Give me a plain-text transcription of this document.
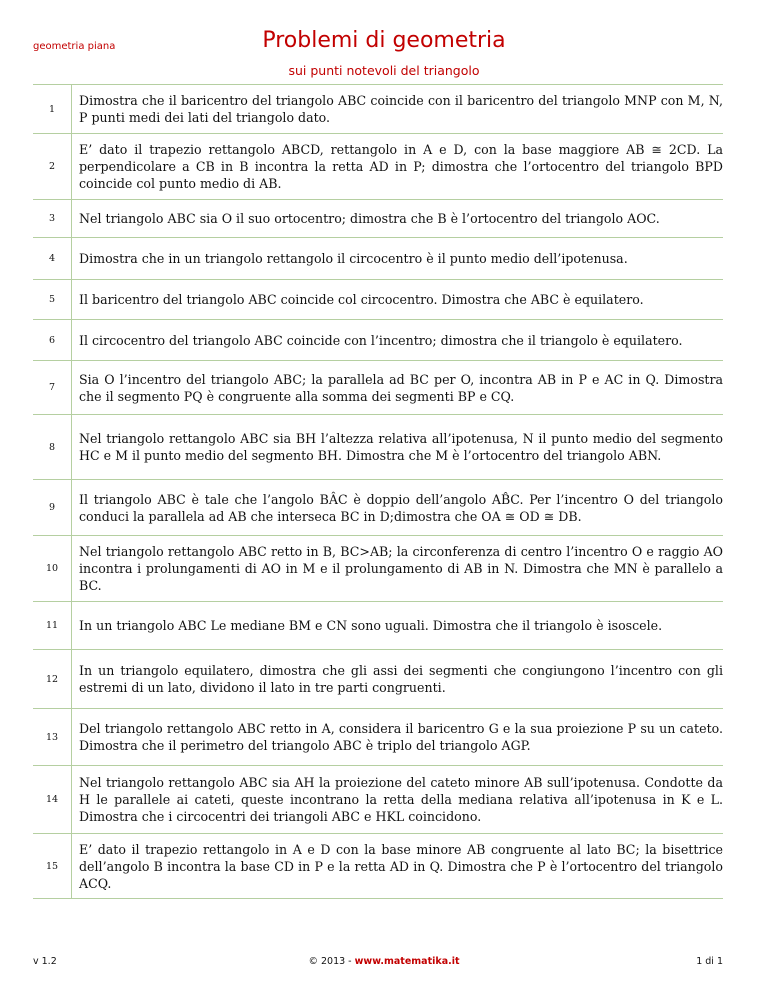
geometria piana	Problemi di geometria
sui punti notevoli del triangolo
1	Dimostra che il baricentro del triangolo ABC coincide con il baricentro del triangolo MNP con M, N, P punti medi dei lati del triangolo dato.
2	E’ dato il trapezio rettangolo ABCD, rettangolo in A e D, con la base maggiore AB ≅ 2CD. La perpendicolare a CB in B incontra la retta AD in P; dimostra che l’ortocentro del triangolo BPD coincide col punto medio di AB.
3	Nel triangolo ABC sia O il suo ortocentro; dimostra che B è l’ortocentro del triangolo AOC.
4	Dimostra che in un triangolo rettangolo il circocentro è il punto medio dell’ipotenusa.
5	Il baricentro del triangolo ABC coincide col circocentro. Dimostra che ABC è equilatero.
6	Il circocentro del triangolo ABC coincide con l’incentro; dimostra che il triangolo è equilatero.
7	Sia O l’incentro del triangolo ABC; la parallela ad BC per O, incontra AB in P e AC in Q. Dimostra che il segmento PQ è congruente alla somma dei segmenti BP e CQ.
8	Nel triangolo rettangolo ABC sia BH l’altezza relativa all’ipotenusa, N il punto medio del segmento HC e M il punto medio del segmento BH. Dimostra che M è l’ortocentro del triangolo ABN.
9	Il triangolo ABC è tale che l’angolo BÂC è doppio dell’angolo AB̂C. Per l’incentro O del triangolo conduci la parallela ad AB che interseca BC in D;dimostra che OA ≅ OD ≅ DB.
10	Nel triangolo rettangolo ABC retto in B, BC>AB; la circonferenza di centro l’incentro O e raggio AO incontra i prolungamenti di AO in M e il prolungamento di AB in N. Dimostra che MN è parallelo a BC.
11	In un triangolo ABC Le mediane BM e CN sono uguali. Dimostra che il triangolo è isoscele.
12	In un triangolo equilatero, dimostra che gli assi dei segmenti che congiungono l’incentro con gli estremi di un lato, dividono il lato in tre parti congruenti.
13	Del triangolo rettangolo ABC retto in A, considera il baricentro G e la sua proiezione P su un cateto. Dimostra che il perimetro del triangolo ABC è triplo del triangolo AGP.
14	Nel triangolo rettangolo ABC sia AH la proiezione del cateto minore AB sull’ipotenusa. Condotte da H le parallele ai cateti, queste incontrano la retta della mediana relativa all’ipotenusa in K e L. Dimostra che i circocentri dei triangoli ABC e HKL coincidono.
15	E’ dato il trapezio rettangolo in A e D con la base minore AB congruente al lato BC; la bisettrice dell’angolo B incontra la base CD in P e la retta AD in Q. Dimostra che P è l’ortocentro del triangolo ACQ.
v 1.2	© 2013 - www.matematika.it	1 di 1
